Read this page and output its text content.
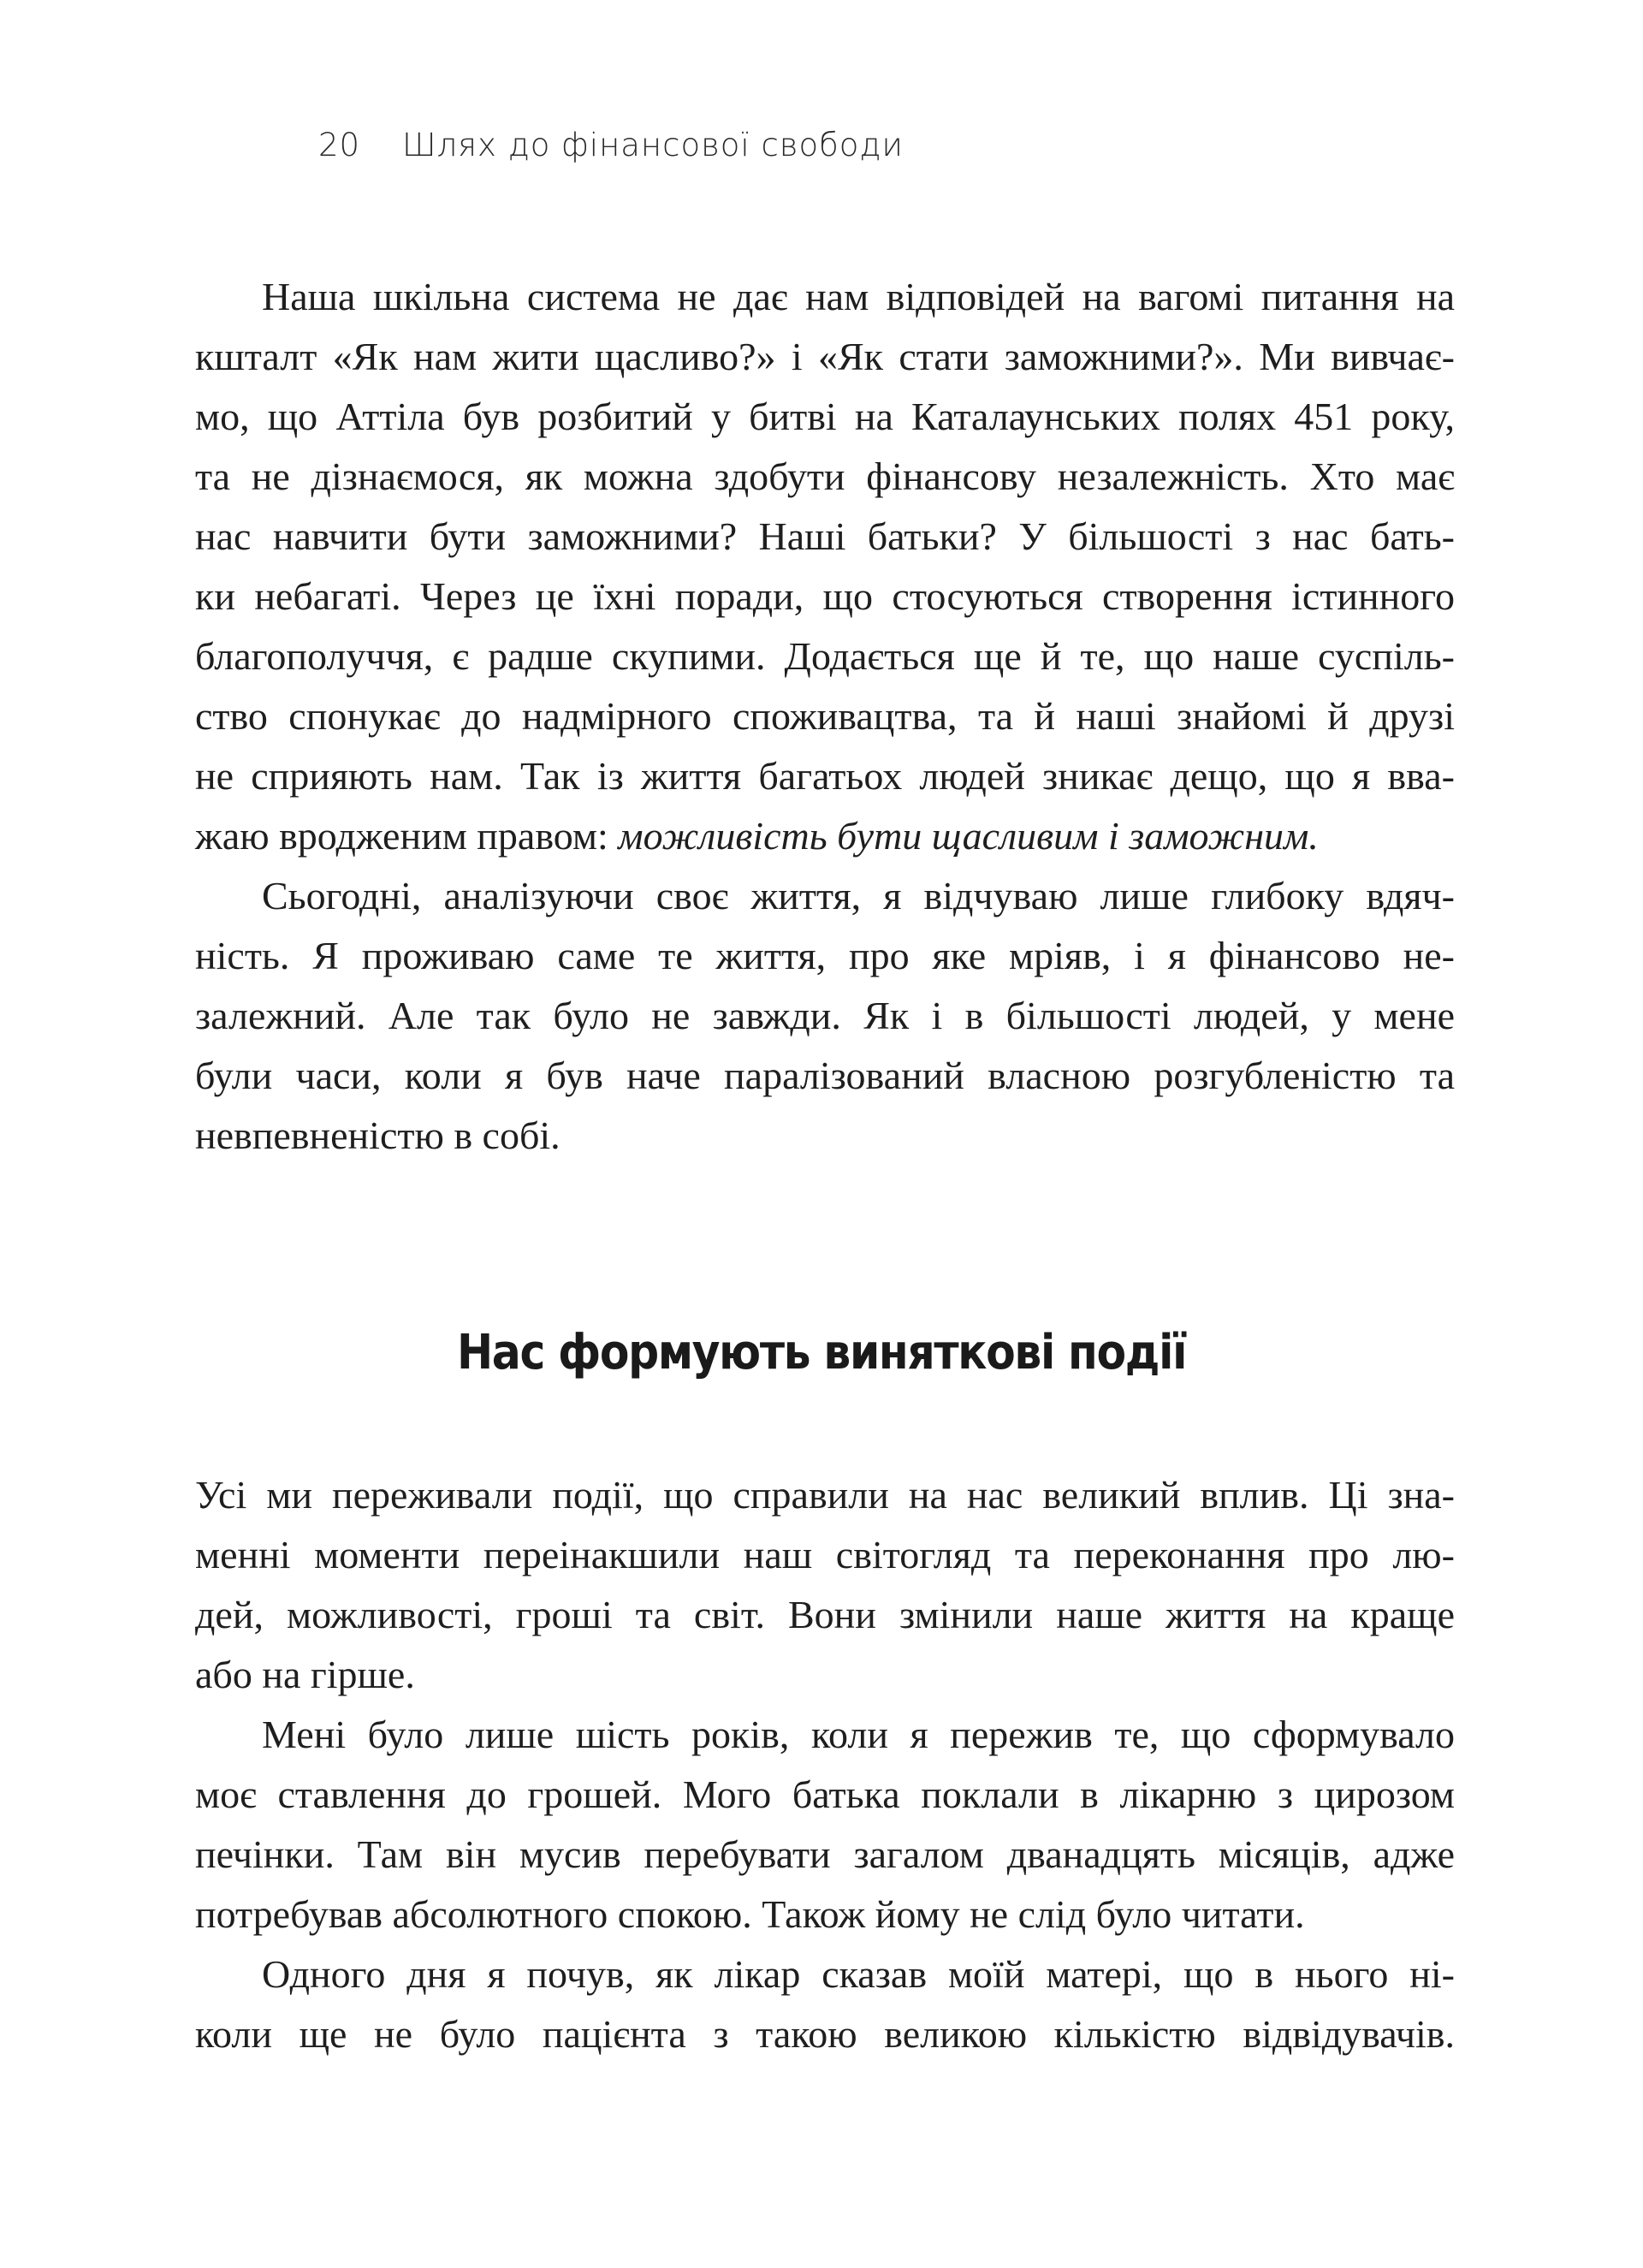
20 Шлях до фінансової свободи
Наша шкільна система не дає нам відповідей на вагомі питання на
кшталт «Як нам жити щасливо?» і «Як стати заможними?». Ми вивчає-
мо, що Аттіла був розбитий у битві на Каталаунських полях 451 року,
та не дізнаємося, як можна здобути фінансову незалежність. Хто має
нас навчити бути заможними? Наші батьки? У більшості з нас бать-
ки небагаті. Через це їхні поради, що стосуються створення істинного
благополуччя, є радше скупими. Додається ще й те, що наше суспіль-
ство спонукає до надмірного споживацтва, та й наші знайомі й друзі
не сприяють нам. Так із життя багатьох людей зникає дещо, що я вва-
жаю вродженим правом: можливість бути щасливим і заможним.
Сьогодні, аналізуючи своє життя, я відчуваю лише глибоку вдяч-
ність. Я проживаю саме те життя, про яке мріяв, і я фінансово не-
залежний. Але так було не завжди. Як і в більшості людей, у мене
були часи, коли я був наче паралізований власною розгубленістю та
невпевненістю в собі.
Нас формують виняткові події
Усі ми переживали події, що справили на нас великий вплив. Ці зна-
менні моменти переінакшили наш світогляд та переконання про лю-
дей, можливості, гроші та світ. Вони змінили наше життя на краще
або на гірше.
Мені було лише шість років, коли я пережив те, що сформувало
моє ставлення до грошей. Мого батька поклали в лікарню з цирозом
печінки. Там він мусив перебувати загалом дванадцять місяців, адже
потребував абсолютного спокою. Також йому не слід було читати.
Одного дня я почув, як лікар сказав моїй матері, що в нього ні-
коли ще не було пацієнта з такою великою кількістю відвідувачів.
